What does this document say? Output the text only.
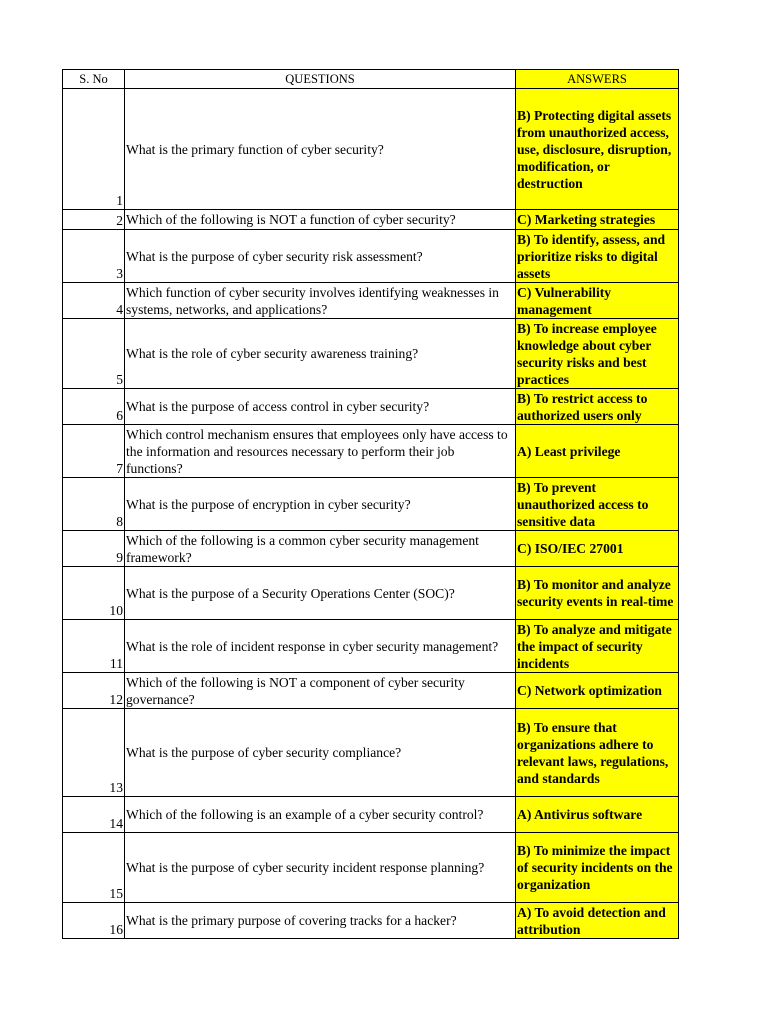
S. No	QUESTIONS	ANSWERS
1	What is the primary function of cyber security?	B) Protecting digital assets from unauthorized access, use, disclosure, disruption, modification, or destruction
2	Which of the following is NOT a function of cyber security?	C) Marketing strategies
3	What is the purpose of cyber security risk assessment?	B) To identify, assess, and prioritize risks to digital assets
4	Which function of cyber security involves identifying weaknesses in systems, networks, and applications?	C) Vulnerability management
5	What is the role of cyber security awareness training?	B) To increase employee knowledge about cyber security risks and best practices
6	What is the purpose of access control in cyber security?	B) To restrict access to authorized users only
7	Which control mechanism ensures that employees only have access to the information and resources necessary to perform their job functions?	A) Least privilege
8	What is the purpose of encryption in cyber security?	B) To prevent unauthorized access to sensitive data
9	Which of the following is a common cyber security management framework?	C) ISO/IEC 27001
10	What is the purpose of a Security Operations Center (SOC)?	B) To monitor and analyze security events in real-time
11	What is the role of incident response in cyber security management?	B) To analyze and mitigate the impact of security incidents
12	Which of the following is NOT a component of cyber security governance?	C) Network optimization
13	What is the purpose of cyber security compliance?	B) To ensure that organizations adhere to relevant laws, regulations, and standards
14	Which of the following is an example of a cyber security control?	A) Antivirus software
15	What is the purpose of cyber security incident response planning?	B) To minimize the impact of security incidents on the organization
16	What is the primary purpose of covering tracks for a hacker?	A) To avoid detection and attribution
